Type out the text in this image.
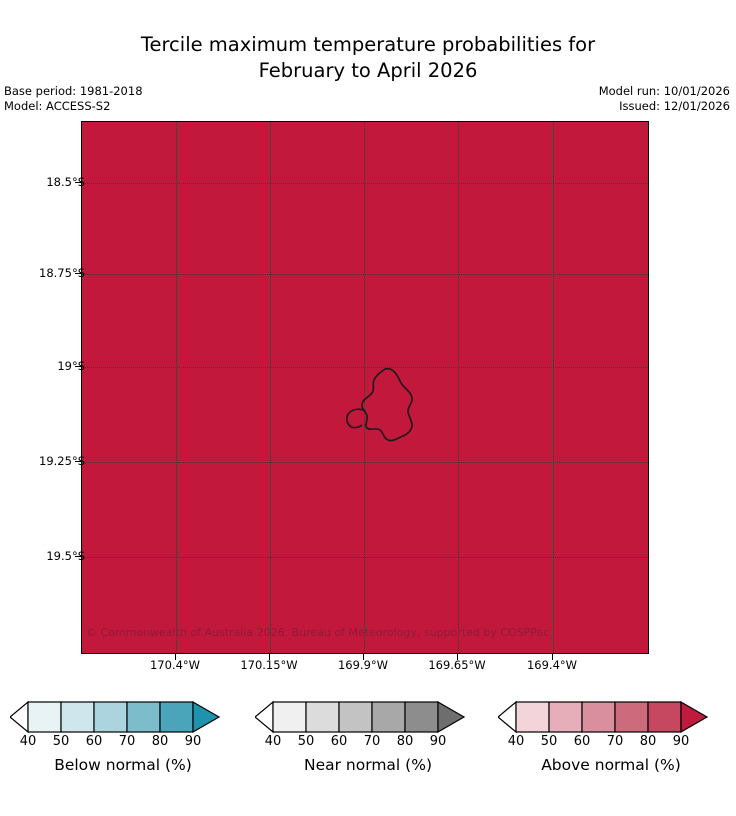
Tercile maximum temperature probabilities for
February to April 2026
Base period: 1981-2018
Model: ACCESS-S2
Model run: 10/01/2026
Issued: 12/01/2026
© Commonwealth of Australia 2026, Bureau of Meteorology, supported by COSPPac
18.5°S
18.75°S
19°S
19.25°S
19.5°S
170.4°W	170.15°W	169.9°W	169.65°W	169.4°W
40 50 60 70 80 90
Below normal (%)
40 50 60 70 80 90
Near normal (%)
40 50 60 70 80 90
Above normal (%)
